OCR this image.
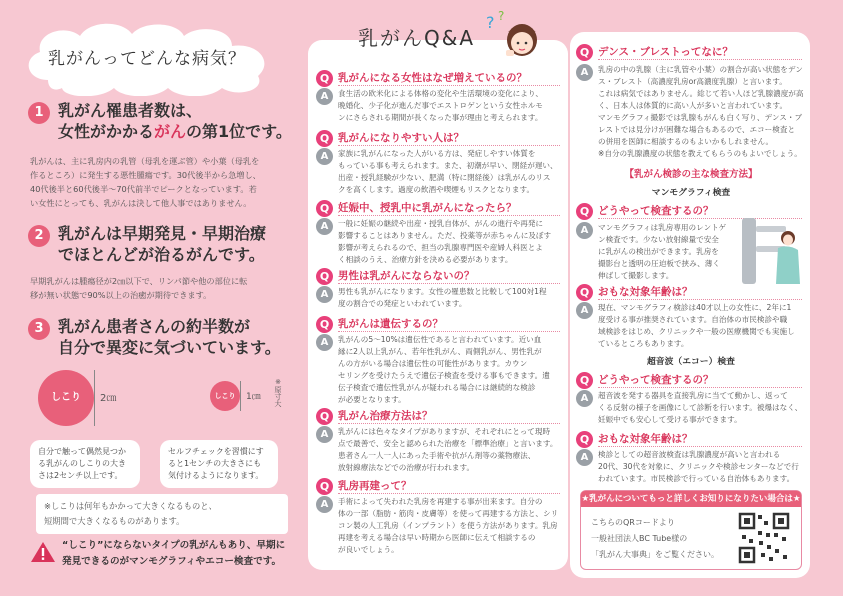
乳がんってどんな病気？
1 乳がん罹患者数は、
女性がかかるがんの第1位です。
乳がんは、主に乳房内の乳管（母乳を運ぶ管）や小葉（母乳を
作るところ）に発生する悪性腫瘍です。30代後半から急増し、
40代後半と60代後半～70代前半でピークとなっています。若
い女性にとっても、乳がんは決して他人事ではありません。
2 乳がんは早期発見・早期治療
でほとんどが治るがんです。
早期乳がんは腫瘍径が2㎝以下で、リンパ節や他の部位に転
移が無い状態で90%以上の治癒が期待できます。
3 乳がん患者さんの約半数が
自分で異変に気づいています。
しこり	2㎝	しこり	1㎝	※原寸大
自分で触って偶然見つか
る乳がんのしこりの大き
さは2センチ以上です。
セルフチェックを習慣にす
ると1センチの大きさにも
気付けるようになります。
※しこりは何年もかかって大きくなるものと、
短期間で大きくなるものがあります。
“しこり”にならないタイプの乳がんもあり、早期に
発見できるのがマンモグラフィやエコー検査です。
乳がんQ&A
? ?
Q 乳がんになる女性はなぜ増えているの？
A	食生活の欧米化による体格の変化や生活環境の変化により、
晩婚化、少子化が進んだ事でエストロゲンという女性ホルモ
ンにさらされる期間が長くなった事が理由と考えられます。
Q 乳がんになりやすい人は？
A	家族に乳がんになった人がいる方は、発症しやすい体質を
もっている事も考えられます。また、初潮が早い、閉経が遅い、
出産・授乳経験が少ない、肥満（特に閉経後）は乳がんのリス
クを高くします。過度の飲酒や喫煙もリスクとなります。
Q 妊娠中、授乳中に乳がんになったら？
A	一般に妊娠の継続や出産・授乳自体が、がんの進行や再発に
影響することはありません。ただ、投薬等が赤ちゃんに及ぼす
影響が考えられるので、担当の乳腺専門医や産婦人科医とよ
く相談のうえ、治療方針を決める必要があります。
Q 男性は乳がんにならないの？
A	男性も乳がんになります。女性の罹患数と比較して100対1程
度の割合での発症といわれています。
Q 乳がんは遺伝するの？
A	乳がんの5～10%は遺伝性であると言われています。近い血
縁に2人以上乳がん、若年性乳がん、両側乳がん、男性乳が
んの方がいる場合は遺伝性の可能性があります。カウン
セリングを受けたうえで遺伝子検査を受ける事もできます。遺
伝子検査で遺伝性乳がんが疑われる場合には継続的な検診
が必要となります。
Q 乳がん治療方法は？
A	乳がんには色々なタイプがありますが、それぞれにとって現時
点で最善で、安全と認められた治療を「標準治療」と言います。
患者さん一人一人にあった手術や抗がん剤等の薬物療法、
放射線療法などでの治療が行われます。
Q 乳房再建って？
A	手術によって失われた乳房を再建する事が出来ます。自分の
体の一部（脂肪・筋肉・皮膚等）を使って再建する方法と、シリ
コン製の人工乳房（インプラント）を使う方法があります。乳房
再建を考える場合は早い時期から医師に伝えて相談するの
が良いでしょう。
Q デンス・ブレストってなに？
A	乳房の中の乳腺（主に乳管や小葉）の割合が高い状態をデン
ス・ブレスト（高濃度乳房or高濃度乳腺）と言います。
これは病気ではありません。総じて若い人ほど乳腺濃度が高
く、日本人は体質的に高い人が多いと言われています。
マンモグラフィ撮影では乳腺もがんも白く写り、デンス・ブ
レストでは見分けが困難な場合もあるので、エコー検査と
の併用を医師に相談するのもよいかもしれません。
※自分の乳腺濃度の状態を教えてもらうのもよいでしょう。
【乳がん検診の主な検査方法】
マンモグラフィ検査
Q どうやって検査するの？
A	マンモグラフィは乳房専用のレントゲ
ン検査です。少ない放射線量で安全
に乳がんの検出ができます。乳房を
撮影台と透明の圧迫板で挟み、薄く
伸ばして撮影します。
Q おもな対象年齢は？
A	現在、マンモグラフィ検診は40才以上の女性に、2年に1
度受ける事が推奨されています。自治体の市民検診や職
域検診をはじめ、クリニックや一般の医療機関でも実施し
ているところもあります。
超音波（エコー）検査
Q どうやって検査するの？
A	超音波を発する器具を直接乳房に当てて動かし、返って
くる反射の様子を画像にして診断を行います。被爆はなく、
妊娠中でも安心して受ける事ができます。
Q おもな対象年齢は？
A	検診としての超音波検査は乳腺濃度が高いと言われる
20代、30代を対象に、クリニックや検診センターなどで行
われています。市民検診で行っている自治体もあります。
★乳がんについてもっと詳しくお知りになりたい場合は★
こちらのQRコードより
一般社団法人BC Tube様の
「乳がん大事典」をご覧ください。
